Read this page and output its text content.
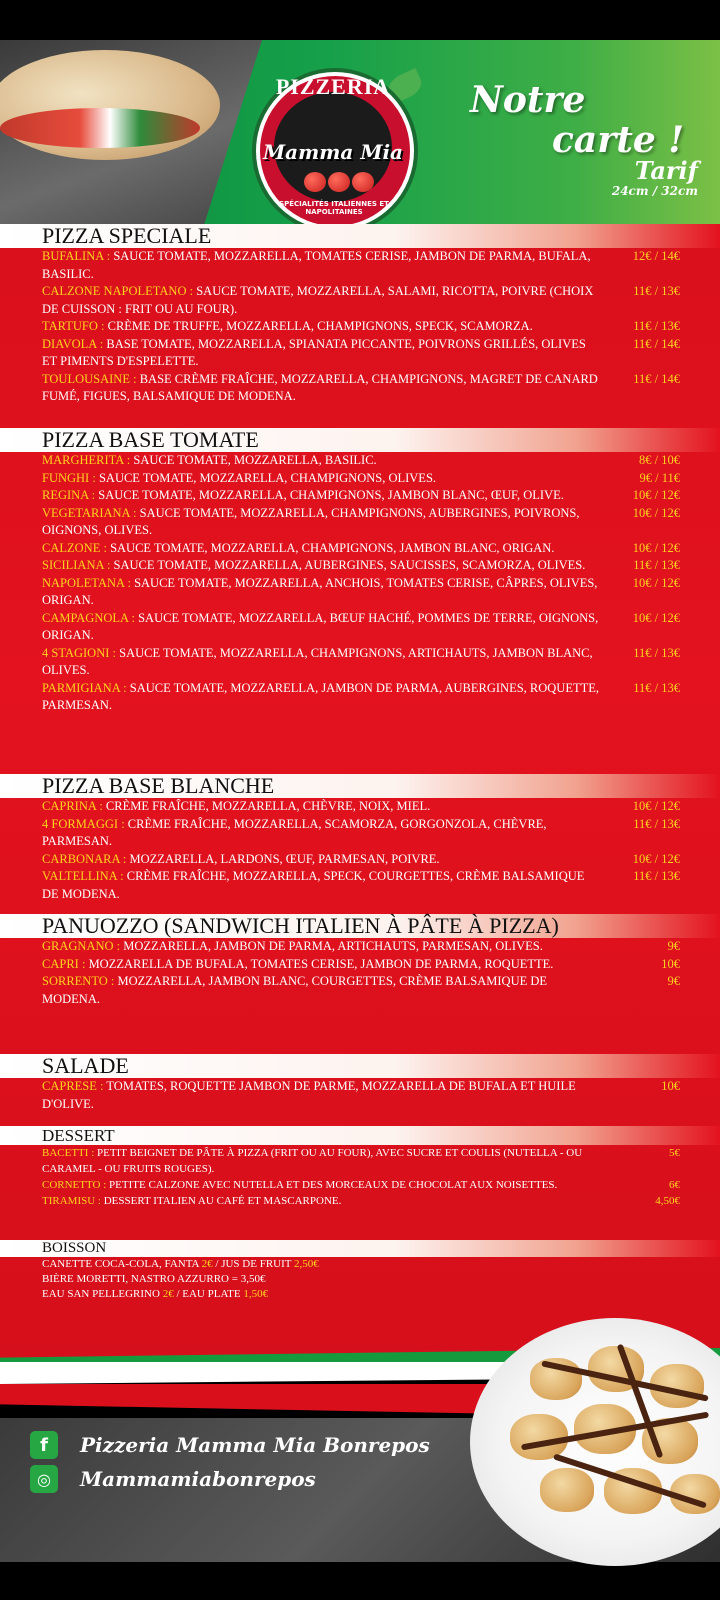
PIZZERIA
Mamma Mia
SPÉCIALITÉS ITALIENNES ET NAPOLITAINES
Notre
carte !
Tarif
24cm / 32cm
PIZZA SPECIALE
BUFALINA : SAUCE TOMATE, MOZZARELLA, TOMATES CERISE, JAMBON DE PARMA, BUFALA, BASILIC.
12€ / 14€
CALZONE NAPOLETANO : SAUCE TOMATE, MOZZARELLA, SALAMI, RICOTTA, POIVRE (CHOIX DE CUISSON : FRIT OU AU FOUR).
11€ / 13€
TARTUFO : CRÈME DE TRUFFE, MOZZARELLA, CHAMPIGNONS, SPECK, SCAMORZA.	11€ / 13€
DIAVOLA : BASE TOMATE, MOZZARELLA, SPIANATA PICCANTE, POIVRONS GRILLÉS, OLIVES ET PIMENTS D'ESPELETTE.
11€ / 14€
TOULOUSAINE : BASE CRÈME FRAÎCHE, MOZZARELLA, CHAMPIGNONS, MAGRET DE CANARD FUMÉ, FIGUES, BALSAMIQUE DE MODENA.
11€ / 14€
PIZZA BASE TOMATE
MARGHERITA : SAUCE TOMATE, MOZZARELLA, BASILIC.	8€ / 10€
FUNGHI : SAUCE TOMATE, MOZZARELLA, CHAMPIGNONS, OLIVES.	9€ / 11€
REGINA : SAUCE TOMATE, MOZZARELLA, CHAMPIGNONS, JAMBON BLANC, ŒUF, OLIVE.	10€ / 12€
VEGETARIANA : SAUCE TOMATE, MOZZARELLA, CHAMPIGNONS, AUBERGINES, POIVRONS, OIGNONS, OLIVES.
10€ / 12€
CALZONE : SAUCE TOMATE, MOZZARELLA, CHAMPIGNONS, JAMBON BLANC, ORIGAN.	10€ / 12€
SICILIANA : SAUCE TOMATE, MOZZARELLA, AUBERGINES, SAUCISSES, SCAMORZA, OLIVES.	11€ / 13€
NAPOLETANA : SAUCE TOMATE, MOZZARELLA, ANCHOIS, TOMATES CERISE, CÂPRES, OLIVES, ORIGAN.
10€ / 12€
CAMPAGNOLA : SAUCE TOMATE, MOZZARELLA, BŒUF HACHÉ, POMMES DE TERRE, OIGNONS, ORIGAN.
10€ / 12€
4 STAGIONI : SAUCE TOMATE, MOZZARELLA, CHAMPIGNONS, ARTICHAUTS, JAMBON BLANC, OLIVES.
11€ / 13€
PARMIGIANA : SAUCE TOMATE, MOZZARELLA, JAMBON DE PARMA, AUBERGINES, ROQUETTE, PARMESAN.
11€ / 13€
PIZZA BASE BLANCHE
CAPRINA : CRÈME FRAÎCHE, MOZZARELLA, CHÈVRE, NOIX, MIEL.	10€ / 12€
4 FORMAGGI : CRÈME FRAÎCHE, MOZZARELLA, SCAMORZA, GORGONZOLA, CHÈVRE, PARMESAN.
11€ / 13€
CARBONARA : MOZZARELLA, LARDONS, ŒUF, PARMESAN, POIVRE.	10€ / 12€
VALTELLINA : CRÈME FRAÎCHE, MOZZARELLA, SPECK, COURGETTES, CRÈME BALSAMIQUE DE MODENA.
11€ / 13€
PANUOZZO (SANDWICH ITALIEN À PÂTE À PIZZA)
GRAGNANO : MOZZARELLA, JAMBON DE PARMA, ARTICHAUTS, PARMESAN, OLIVES.	9€
CAPRI : MOZZARELLA DE BUFALA, TOMATES CERISE, JAMBON DE PARMA, ROQUETTE.	10€
SORRENTO : MOZZARELLA, JAMBON BLANC, COURGETTES, CRÈME BALSAMIQUE DE MODENA.
9€
SALADE
CAPRESE : TOMATES, ROQUETTE JAMBON DE PARME, MOZZARELLA DE BUFALA ET HUILE D'OLIVE.
10€
DESSERT
BACETTI : PETIT BEIGNET DE PÂTE À PIZZA (FRIT OU AU FOUR), AVEC SUCRE ET COULIS (NUTELLA - OU CARAMEL - OU FRUITS ROUGES).
5€
CORNETTO : PETITE CALZONE AVEC NUTELLA ET DES MORCEAUX DE CHOCOLAT AUX NOISETTES.	6€
TIRAMISU : DESSERT ITALIEN AU CAFÉ ET MASCARPONE.	4,50€
BOISSON
CANETTE COCA-COLA, FANTA 2€ / JUS DE FRUIT 2,50€
BIÈRE MORETTI, NASTRO AZZURRO = 3,50€
EAU SAN PELLEGRINO 2€ / EAU PLATE 1,50€
f	Pizzeria Mamma Mia Bonrepos
◎	Mammamiabonrepos
